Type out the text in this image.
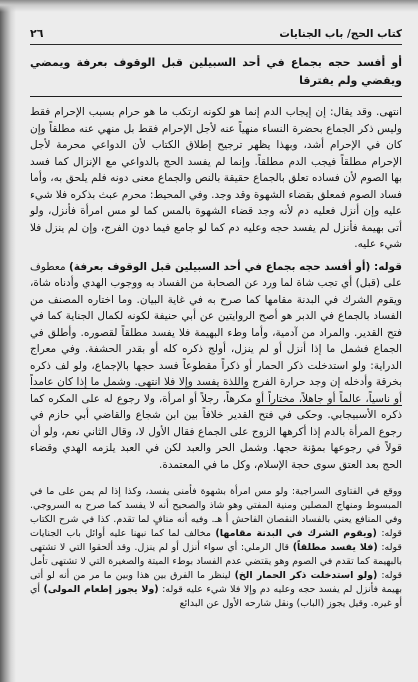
كتاب الحج/ باب الجنايات
٢٦
أو أفسد حجه بجماع في أحد السبيلين قبل الوقوف بعرفة ويمضي ويقضي ولم يفترقا

انتهى. وقد يقال: إن إيجاب الدم إنما هو لكونه ارتكب ما هو حرام بسبب الإحرام فقط وليس ذكر الجماع بحضرة النساء منهياً عنه لأجل الإحرام فقط بل منهي عنه مطلقاً وإن كان في الإحرام أشد، وبهذا يظهر ترجيح إطلاق الكتاب لأن الدواعي محرمة لأجل الإحرام مطلقاً فيجب الدم مطلقاً. وإنما لم يفسد الحج بالدواعي مع الإنزال كما فسد بها الصوم لأن فساده تعلق بالجماع حقيقة بالنص والجماع معنى دونه فلم يلحق به، وأما فساد الصوم فمعلق بقضاء الشهوة وقد وجد. وفي المحيط: محرم عبث بذكره فلا شيء عليه وإن أنزل فعليه دم لأنه وجد قضاء الشهوة بالمس كما لو مس امرأة فأنزل، ولو أتى بهيمة فأنزل لم يفسد حجه وعليه دم كما لو جامع فيما دون الفرج، وإن لم ينزل فلا شيء عليه.

قوله: (أو أفسد حجه بجماع في أحد السبيلين قبل الوقوف بعرفة) معطوف على (قبل) أي تجب شاة لما ورد عن الصحابة من الفساد به ووجوب الهدي وأدناه شاة، ويقوم الشرك في البدنة مقامها كما صرح به في غاية البيان. وما اختاره المصنف من الفساد بالجماع في الدبر هو أصح الروايتين عن أبي حنيفة لكونه لكمال الجناية كما في فتح القدير. والمراد من آدمية، وأما وطء البهيمة فلا يفسد مطلقاً لقصوره. وأطلق في الجماع فشمل ما إذا أنزل أو لم ينزل، أولج ذكره كله أو بقدر الحشفة. وفي معراج الدراية: ولو استدخلت ذكر الحمار أو ذكراً مقطوعاً فسد حجها بالإجماع، ولو لف ذكره بخرقة وأدخله إن وجد حرارة الفرج واللذة يفسد وإلا فلا انتهى. وشمل ما إذا كان عامداً أو ناسياً، عالماً أو جاهلاً، مختاراً أو مكرهاً، رجلاً أو امرأة، ولا رجوع له على المكره كما ذكره الأسبيجابي. وحكى في فتح القدير خلافاً بين ابن شجاع والقاضي أبي حازم في رجوع المرأة بالدم إذا أكرهها الزوج على الجماع فقال الأول لا، وقال الثاني نعم، ولو أن قولاً في رجوعها بمؤنة حجها. وشمل الحر والعبد لكن في العبد يلزمه الهدي وقضاء الحج بعد العتق سوى حجة الإسلام، وكل ما في المعتمدة.

ووقع في الفتاوى السراجية: ولو مس امرأة بشهوة فأمنى يفسد، وكذا إذا لم يمن على ما في المبسوط ومنهاج المصلين ومنية المفتي وهو شاذ والصحيح أنه لا يفسد كما صرح به السروجي. وفي المنافع يعني بالفساد النقصان الفاحش أ هـ. وفيه أنه منافٍ لما تقدم. كذا في شرح الكتاب قوله: (ويقوم الشرك في البدنة مقامها) مخالف لما كما نبهنا عليه أوائل باب الجنايات قوله: (فلا يفسد مطلقاً) قال الرملي: أي سواء أنزل أو لم ينزل. وقد ألحقوا التي لا تشتهى بالبهيمة كما تقدم في الصوم وهو يقتضي عدم الفساد بوطء الميتة والصغيرة التي لا تشتهى تأمل قوله: (ولو استدخلت ذكر الحمار الخ) لينظر ما الفرق بين هذا وبين ما مر من أنه لو أتى بهيمة فأنزل لم يفسد حجه وعليه دم وإلا فلا شيء عليه قوله: (ولا يجوز إطعام المولى) أي أو غيره. وقيل يجوز (الباب) ونقل شارحه الأول عن البدائع
